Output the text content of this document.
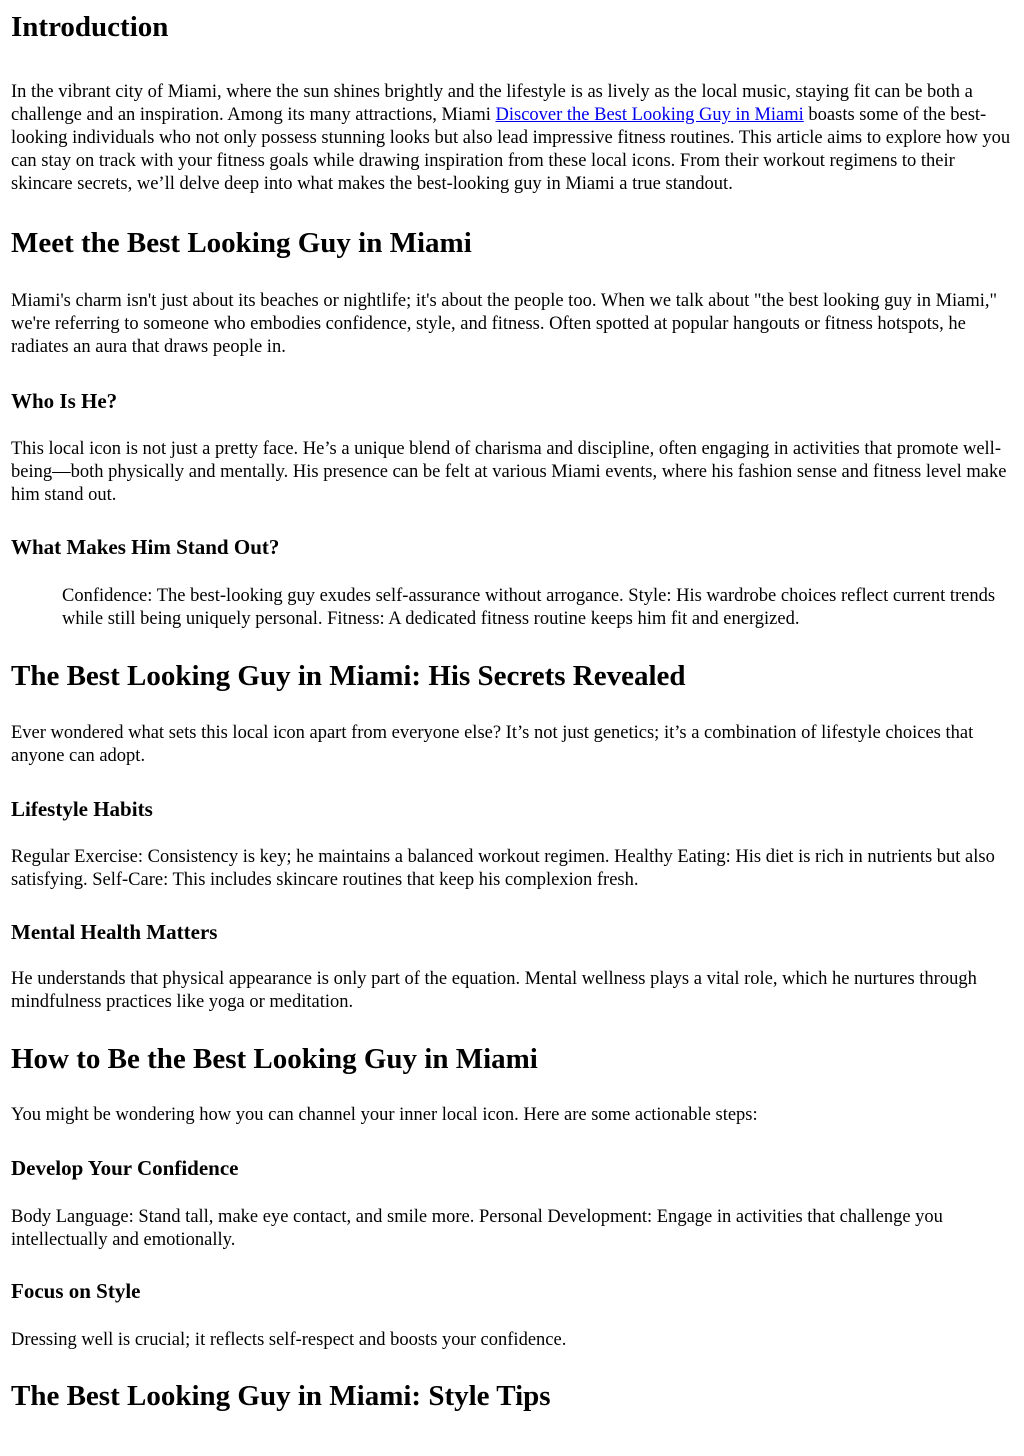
Introduction

In the vibrant city of Miami, where the sun shines brightly and the lifestyle is as lively as the local music, staying fit can be both a challenge and an inspiration. Among its many attractions, Miami Discover the Best Looking Guy in Miami boasts some of the best-looking individuals who not only possess stunning looks but also lead impressive fitness routines. This article aims to explore how you can stay on track with your fitness goals while drawing inspiration from these local icons. From their workout regimens to their skincare secrets, we’ll delve deep into what makes the best-looking guy in Miami a true standout.

Meet the Best Looking Guy in Miami

Miami's charm isn't just about its beaches or nightlife; it's about the people too. When we talk about "the best looking guy in Miami," we're referring to someone who embodies confidence, style, and fitness. Often spotted at popular hangouts or fitness hotspots, he radiates an aura that draws people in.

Who Is He?

This local icon is not just a pretty face. He’s a unique blend of charisma and discipline, often engaging in activities that promote well-being—both physically and mentally. His presence can be felt at various Miami events, where his fashion sense and fitness level make him stand out.

What Makes Him Stand Out?
Confidence: The best-looking guy exudes self-assurance without arrogance. Style: His wardrobe choices reflect current trends while still being uniquely personal. Fitness: A dedicated fitness routine keeps him fit and energized.
The Best Looking Guy in Miami: His Secrets Revealed

Ever wondered what sets this local icon apart from everyone else? It’s not just genetics; it’s a combination of lifestyle choices that anyone can adopt.

Lifestyle Habits

Regular Exercise: Consistency is key; he maintains a balanced workout regimen. Healthy Eating: His diet is rich in nutrients but also satisfying. Self-Care: This includes skincare routines that keep his complexion fresh.

Mental Health Matters

He understands that physical appearance is only part of the equation. Mental wellness plays a vital role, which he nurtures through mindfulness practices like yoga or meditation.

How to Be the Best Looking Guy in Miami

You might be wondering how you can channel your inner local icon. Here are some actionable steps:

Develop Your Confidence

Body Language: Stand tall, make eye contact, and smile more. Personal Development: Engage in activities that challenge you intellectually and emotionally.

Focus on Style

Dressing well is crucial; it reflects self-respect and boosts your confidence.

The Best Looking Guy in Miami: Style Tips
